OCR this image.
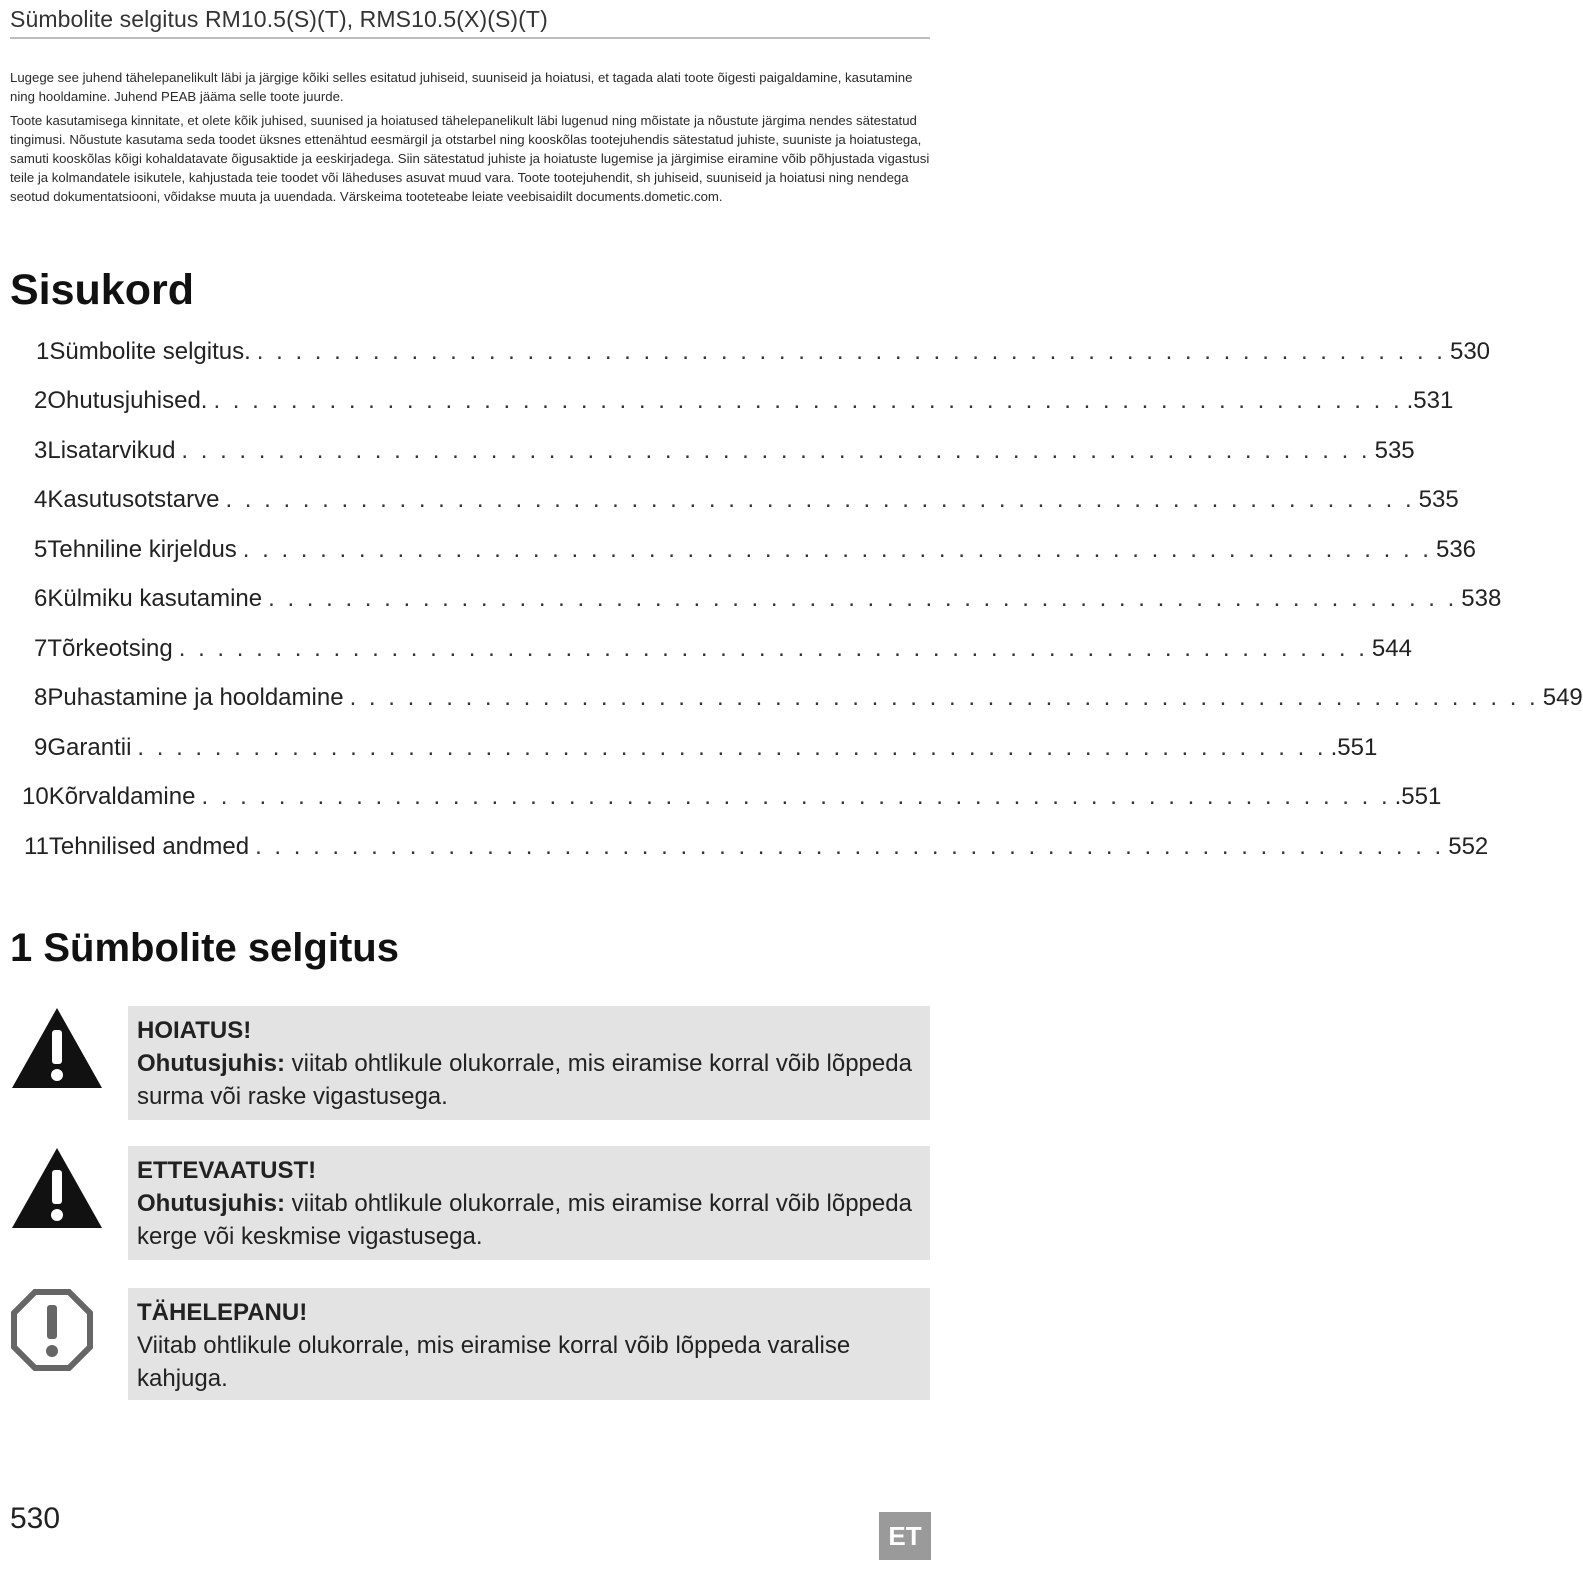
Sümbolite selgitus RM10.5(S)(T), RMS10.5(X)(S)(T)

Lugege see juhend tähelepanelikult läbi ja järgige kõiki selles esitatud juhiseid, suuniseid ja hoiatusi, et tagada alati toote õigesti paigaldamine, kasutamine ning hooldamine. Juhend PEAB jääma selle toote juurde.

Toote kasutamisega kinnitate, et olete kõik juhised, suunised ja hoiatused tähelepanelikult läbi lugenud ning mõistate ja nõustute järgima nendes sätestatud tingimusi. Nõustute kasutama seda toodet üksnes ettenähtud eesmärgil ja otstarbel ning kooskõlas tootejuhendis sätestatud juhiste, suuniste ja hoiatustega, samuti kooskõlas kõigi kohaldatavate õigusaktide ja eeskirjadega. Siin sätestatud juhiste ja hoiatuste lugemise ja järgimise eiramine võib põhjustada vigastusi teile ja kolmandatele isikutele, kahjustada teie toodet või läheduses asuvat muud vara. Toote tootejuhendit, sh juhiseid, suuniseid ja hoiatusi ning nendega seotud dokumentatsiooni, võidakse muuta ja uuendada. Värskeima tooteteabe leiate veebisaidilt documents.dometic.com.

Sisukord
1 Sümbolite selgitus. . . . . . . . . . . . . . . . . . . . . . . . . . . . . . . . . . . . . . . . . . . . . . . . . . . . . . . . . . . . . . . 530
2 Ohutusjuhised. . . . . . . . . . . . . . . . . . . . . . . . . . . . . . . . . . . . . . . . . . . . . . . . . . . . . . . . . . . . . . . .531
3 Lisatarvikud . . . . . . . . . . . . . . . . . . . . . . . . . . . . . . . . . . . . . . . . . . . . . . . . . . . . . . . . . . . . . . 535
4 Kasutusotstarve . . . . . . . . . . . . . . . . . . . . . . . . . . . . . . . . . . . . . . . . . . . . . . . . . . . . . . . . . . . . . . 535
5 Tehniline kirjeldus . . . . . . . . . . . . . . . . . . . . . . . . . . . . . . . . . . . . . . . . . . . . . . . . . . . . . . . . . . . . . . 536
6 Külmiku kasutamine . . . . . . . . . . . . . . . . . . . . . . . . . . . . . . . . . . . . . . . . . . . . . . . . . . . . . . . . . . . . . . 538
7 Tõrkeotsing . . . . . . . . . . . . . . . . . . . . . . . . . . . . . . . . . . . . . . . . . . . . . . . . . . . . . . . . . . . . . . 544
8 Puhastamine ja hooldamine . . . . . . . . . . . . . . . . . . . . . . . . . . . . . . . . . . . . . . . . . . . . . . . . . . . . . . . . . . . . . . 549
9 Garantii . . . . . . . . . . . . . . . . . . . . . . . . . . . . . . . . . . . . . . . . . . . . . . . . . . . . . . . . . . . . . . .551
10 Kõrvaldamine . . . . . . . . . . . . . . . . . . . . . . . . . . . . . . . . . . . . . . . . . . . . . . . . . . . . . . . . . . . . . . .551
11 Tehnilised andmed . . . . . . . . . . . . . . . . . . . . . . . . . . . . . . . . . . . . . . . . . . . . . . . . . . . . . . . . . . . . . . 552
1 Sümbolite selgitus
HOIATUS!
Ohutusjuhis: viitab ohtlikule olukorrale, mis eiramise korral võib lõppeda surma või raske vigastusega.
ETTEVAATUST!
Ohutusjuhis: viitab ohtlikule olukorrale, mis eiramise korral võib lõppeda kerge või keskmise vigastusega.
TÄHELEPANU!
Viitab ohtlikule olukorrale, mis eiramise korral võib lõppeda varalise kahjuga.
530
ET
